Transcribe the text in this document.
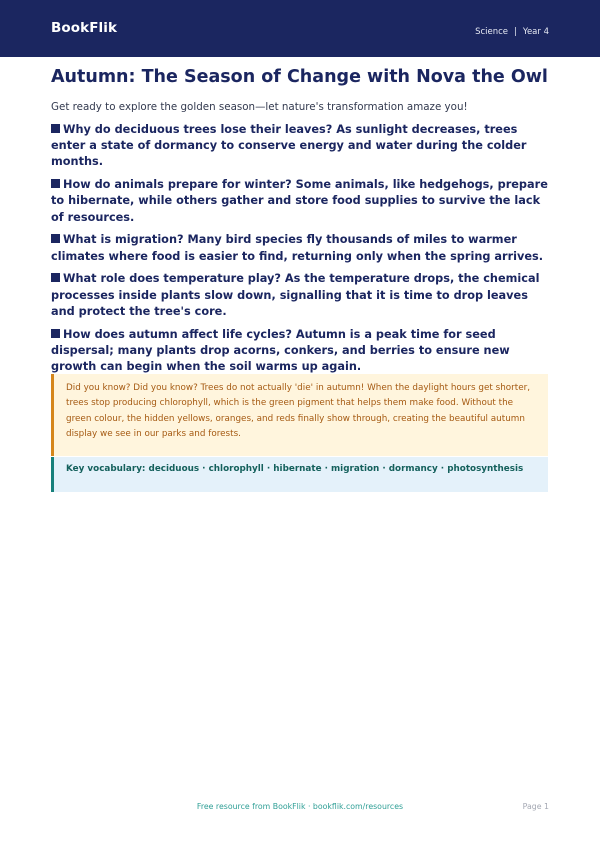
BookFlik	Science | Year 4
Autumn: The Season of Change with Nova the Owl

Get ready to explore the golden season—let nature's transformation amaze you!

Why do deciduous trees lose their leaves? As sunlight decreases, trees enter a state of dormancy to conserve energy and water during the colder months.

How do animals prepare for winter? Some animals, like hedgehogs, prepare to hibernate, while others gather and store food supplies to survive the lack of resources.

What is migration? Many bird species fly thousands of miles to warmer climates where food is easier to find, returning only when the spring arrives.

What role does temperature play? As the temperature drops, the chemical processes inside plants slow down, signalling that it is time to drop leaves and protect the tree's core.

How does autumn affect life cycles? Autumn is a peak time for seed dispersal; many plants drop acorns, conkers, and berries to ensure new growth can begin when the soil warms up again.

Did you know? Did you know? Trees do not actually 'die' in autumn! When the daylight hours get shorter, trees stop producing chlorophyll, which is the green pigment that helps them make food. Without the green colour, the hidden yellows, oranges, and reds finally show through, creating the beautiful autumn display we see in our parks and forests.
Key vocabulary: deciduous · chlorophyll · hibernate · migration · dormancy · photosynthesis
Free resource from BookFlik · bookflik.com/resources	Page 1
